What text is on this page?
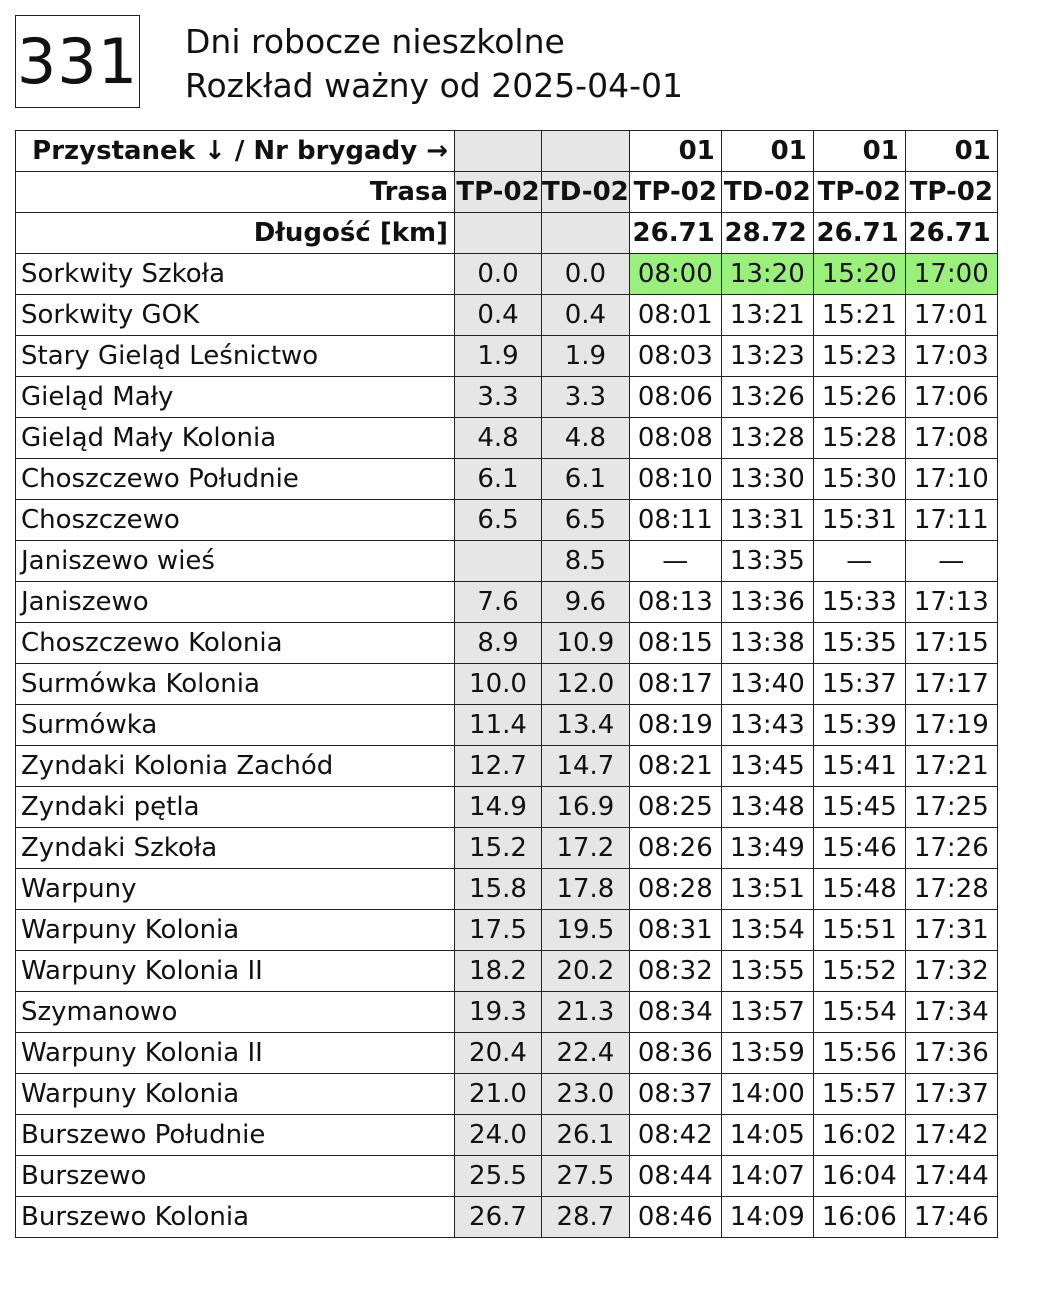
331 Dni robocze nieszkolne
Rozkład ważny od 2025-04-01
Przystanek ↓ / Nr brygady →			01	01	01	01
Trasa	TP-02	TD-02	TP-02	TD-02	TP-02	TP-02
Długość [km]			26.71	28.72	26.71	26.71
Sorkwity Szkoła	0.0	0.0	08:00	13:20	15:20	17:00
Sorkwity GOK	0.4	0.4	08:01	13:21	15:21	17:01
Stary Gieląd Leśnictwo	1.9	1.9	08:03	13:23	15:23	17:03
Gieląd Mały	3.3	3.3	08:06	13:26	15:26	17:06
Gieląd Mały Kolonia	4.8	4.8	08:08	13:28	15:28	17:08
Choszczewo Południe	6.1	6.1	08:10	13:30	15:30	17:10
Choszczewo	6.5	6.5	08:11	13:31	15:31	17:11
Janiszewo wieś		8.5	—	13:35	—	—
Janiszewo	7.6	9.6	08:13	13:36	15:33	17:13
Choszczewo Kolonia	8.9	10.9	08:15	13:38	15:35	17:15
Surmówka Kolonia	10.0	12.0	08:17	13:40	15:37	17:17
Surmówka	11.4	13.4	08:19	13:43	15:39	17:19
Zyndaki Kolonia Zachód	12.7	14.7	08:21	13:45	15:41	17:21
Zyndaki pętla	14.9	16.9	08:25	13:48	15:45	17:25
Zyndaki Szkoła	15.2	17.2	08:26	13:49	15:46	17:26
Warpuny	15.8	17.8	08:28	13:51	15:48	17:28
Warpuny Kolonia	17.5	19.5	08:31	13:54	15:51	17:31
Warpuny Kolonia II	18.2	20.2	08:32	13:55	15:52	17:32
Szymanowo	19.3	21.3	08:34	13:57	15:54	17:34
Warpuny Kolonia II	20.4	22.4	08:36	13:59	15:56	17:36
Warpuny Kolonia	21.0	23.0	08:37	14:00	15:57	17:37
Burszewo Południe	24.0	26.1	08:42	14:05	16:02	17:42
Burszewo	25.5	27.5	08:44	14:07	16:04	17:44
Burszewo Kolonia	26.7	28.7	08:46	14:09	16:06	17:46
